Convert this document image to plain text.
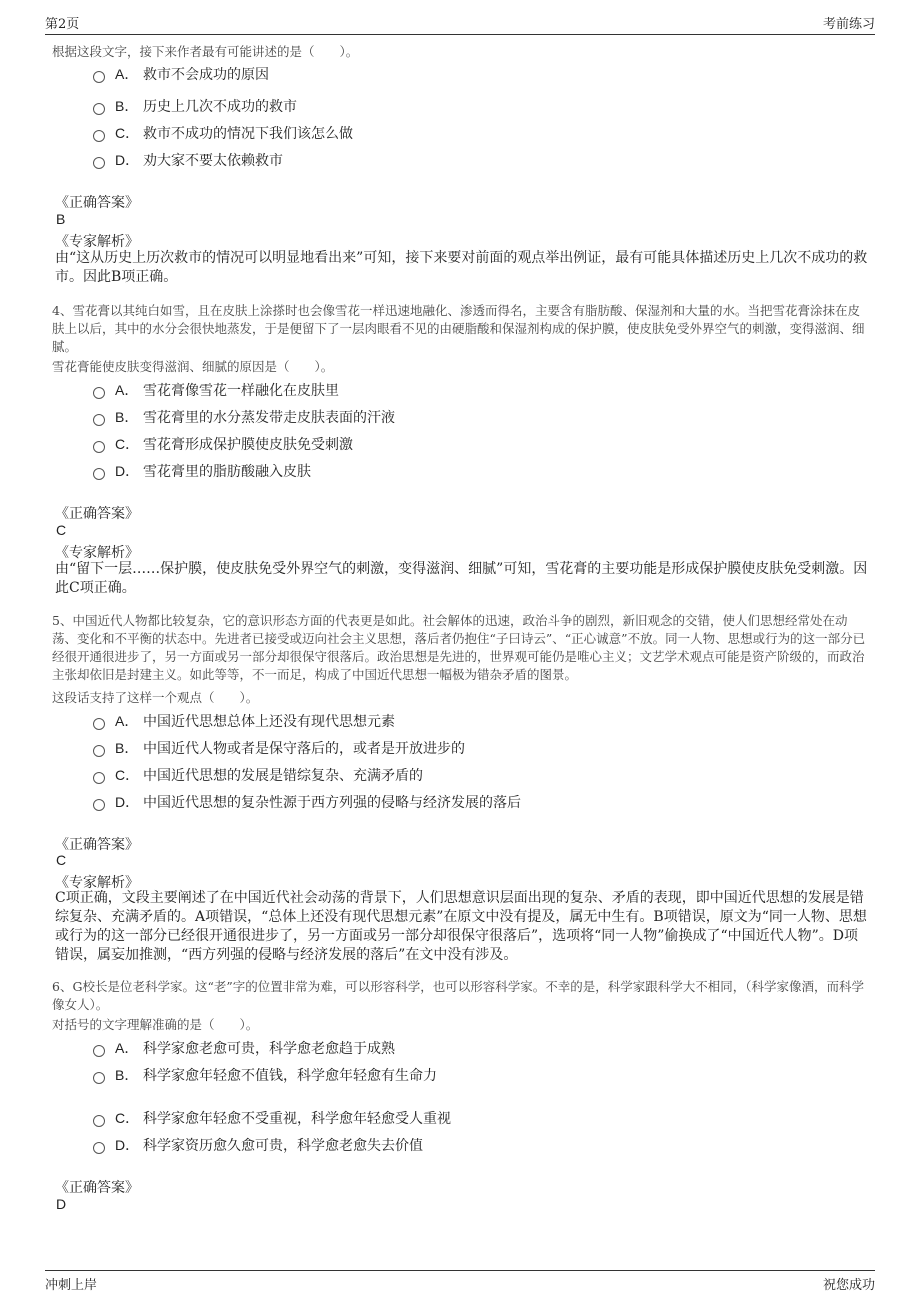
第2页	考前练习
根据这段文字，接下来作者最有可能讲述的是（　　）。
A． 救市不会成功的原因
B． 历史上几次不成功的救市
C． 救市不成功的情况下我们该怎么做
D． 劝大家不要太依赖救市
《正确答案》
B
《专家解析》
由“这从历史上历次救市的情况可以明显地看出来”可知，接下来要对前面的观点举出例证，最有可能具体描述历史上几次不成功的救市。因此B项正确。
4、雪花膏以其纯白如雪，且在皮肤上涂搽时也会像雪花一样迅速地融化、渗透而得名，主要含有脂肪酸、保湿剂和大量的水。当把雪花膏涂抹在皮肤上以后，其中的水分会很快地蒸发，于是便留下了一层肉眼看不见的由硬脂酸和保湿剂构成的保护膜，使皮肤免受外界空气的刺激，变得滋润、细腻。
雪花膏能使皮肤变得滋润、细腻的原因是（　　）。
A． 雪花膏像雪花一样融化在皮肤里
B． 雪花膏里的水分蒸发带走皮肤表面的汗液
C． 雪花膏形成保护膜使皮肤免受刺激
D． 雪花膏里的脂肪酸融入皮肤
《正确答案》
C
《专家解析》
由“留下一层……保护膜，使皮肤免受外界空气的刺激，变得滋润、细腻”可知，雪花膏的主要功能是形成保护膜使皮肤免受刺激。因此C项正确。
5、中国近代人物都比较复杂，它的意识形态方面的代表更是如此。社会解体的迅速，政治斗争的剧烈，新旧观念的交错，使人们思想经常处在动荡、变化和不平衡的状态中。先进者已接受或迈向社会主义思想，落后者仍抱住“子曰诗云”、“正心诚意”不放。同一人物、思想或行为的这一部分已经很开通很进步了，另一方面或另一部分却很保守很落后。政治思想是先进的，世界观可能仍是唯心主义；文艺学术观点可能是资产阶级的，而政治主张却依旧是封建主义。如此等等，不一而足，构成了中国近代思想一幅极为错杂矛盾的图景。
这段话支持了这样一个观点（　　）。
A． 中国近代思想总体上还没有现代思想元素
B． 中国近代人物或者是保守落后的，或者是开放进步的
C． 中国近代思想的发展是错综复杂、充满矛盾的
D． 中国近代思想的复杂性源于西方列强的侵略与经济发展的落后
《正确答案》
C
《专家解析》
C项正确，文段主要阐述了在中国近代社会动荡的背景下，人们思想意识层面出现的复杂、矛盾的表现，即中国近代思想的发展是错综复杂、充满矛盾的。A项错误，“总体上还没有现代思想元素”在原文中没有提及，属无中生有。B项错误，原文为“同一人物、思想或行为的这一部分已经很开通很进步了，另一方面或另一部分却很保守很落后”，选项将“同一人物”偷换成了“中国近代人物”。D项错误，属妄加推测，“西方列强的侵略与经济发展的落后”在文中没有涉及。
6、G校长是位老科学家。这“老”字的位置非常为难，可以形容科学，也可以形容科学家。不幸的是，科学家跟科学大不相同，（科学家像酒，而科学像女人）。
对括号的文字理解准确的是（　　）。
A． 科学家愈老愈可贵，科学愈老愈趋于成熟
B． 科学家愈年轻愈不值钱，科学愈年轻愈有生命力
C． 科学家愈年轻愈不受重视，科学愈年轻愈受人重视
D． 科学家资历愈久愈可贵，科学愈老愈失去价值
《正确答案》
D
冲刺上岸	祝您成功
